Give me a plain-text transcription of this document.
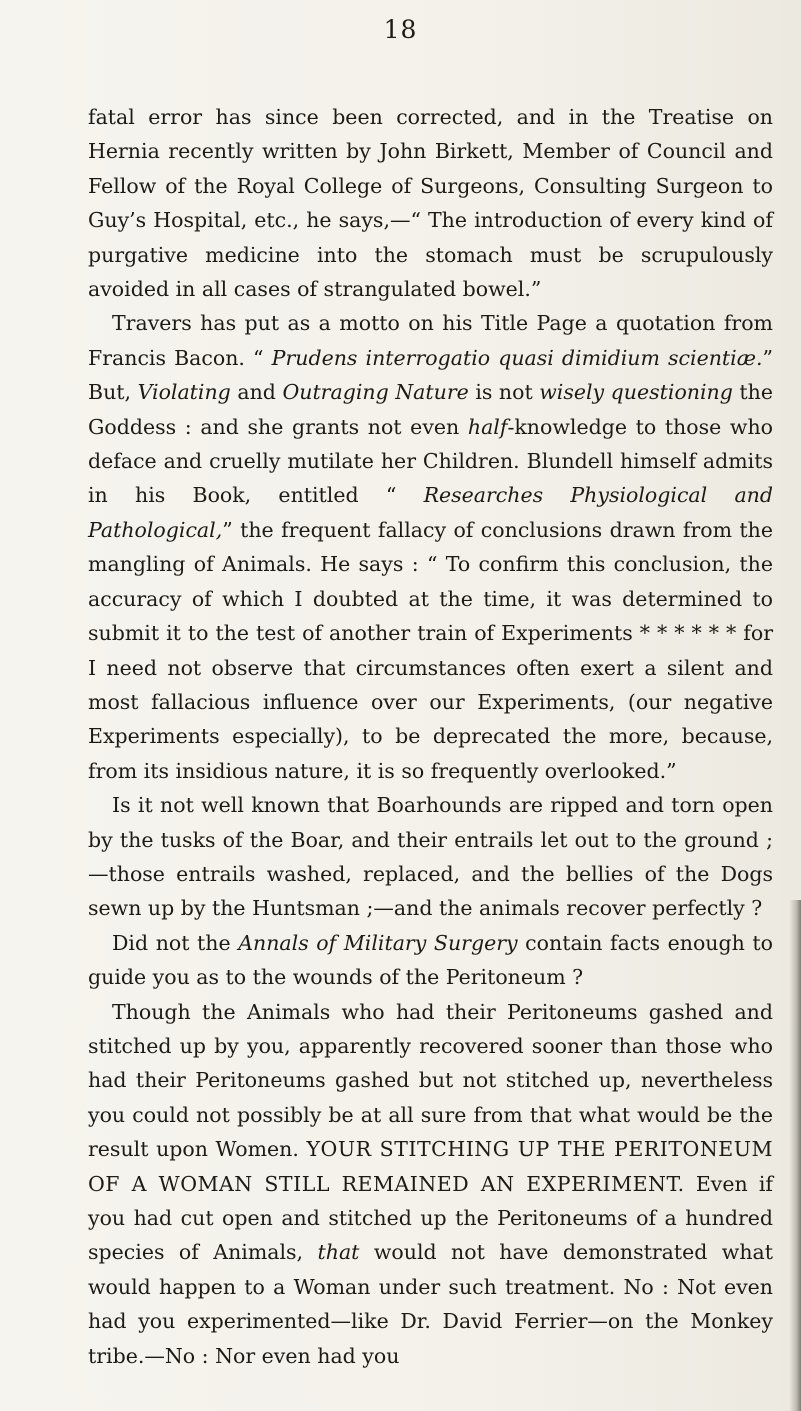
18

fatal error has since been corrected, and in the Treatise on Hernia recently written by John Birkett, Member of Council and Fellow of the Royal College of Surgeons, Consulting Surgeon to Guy’s Hospital, etc., he says,—“ The introduction of every kind of purgative medicine into the stomach must be scrupulously avoided in all cases of strangulated bowel.”

Travers has put as a motto on his Title Page a quotation from Francis Bacon. “ Prudens interrogatio quasi dimidium scientiæ.” But, Violating and Outraging Nature is not wisely questioning the Goddess : and she grants not even half-knowledge to those who deface and cruelly mutilate her Children. Blundell himself admits in his Book, entitled “ Researches Physiological and Pathological,” the frequent fallacy of conclusions drawn from the mangling of Animals. He says : “ To confirm this conclusion, the accuracy of which I doubted at the time, it was determined to submit it to the test of another train of Experiments * * * * * * for I need not observe that circumstances often exert a silent and most fallacious influence over our Experiments, (our negative Experiments especially), to be deprecated the more, because, from its insidious nature, it is so frequently overlooked.”

Is it not well known that Boarhounds are ripped and torn open by the tusks of the Boar, and their entrails let out to the ground ;—those entrails washed, replaced, and the bellies of the Dogs sewn up by the Huntsman ;—and the animals recover perfectly ?

Did not the Annals of Military Surgery contain facts enough to guide you as to the wounds of the Peritoneum ?

Though the Animals who had their Peritoneums gashed and stitched up by you, apparently recovered sooner than those who had their Peritoneums gashed but not stitched up, nevertheless you could not possibly be at all sure from that what would be the result upon Women. YOUR STITCHING UP THE PERITONEUM OF A WOMAN STILL REMAINED AN EXPERIMENT. Even if you had cut open and stitched up the Peritoneums of a hundred species of Animals, that would not have demonstrated what would happen to a Woman under such treatment. No : Not even had you experimented—like Dr. David Ferrier—on the Monkey tribe.—No : Nor even had you
